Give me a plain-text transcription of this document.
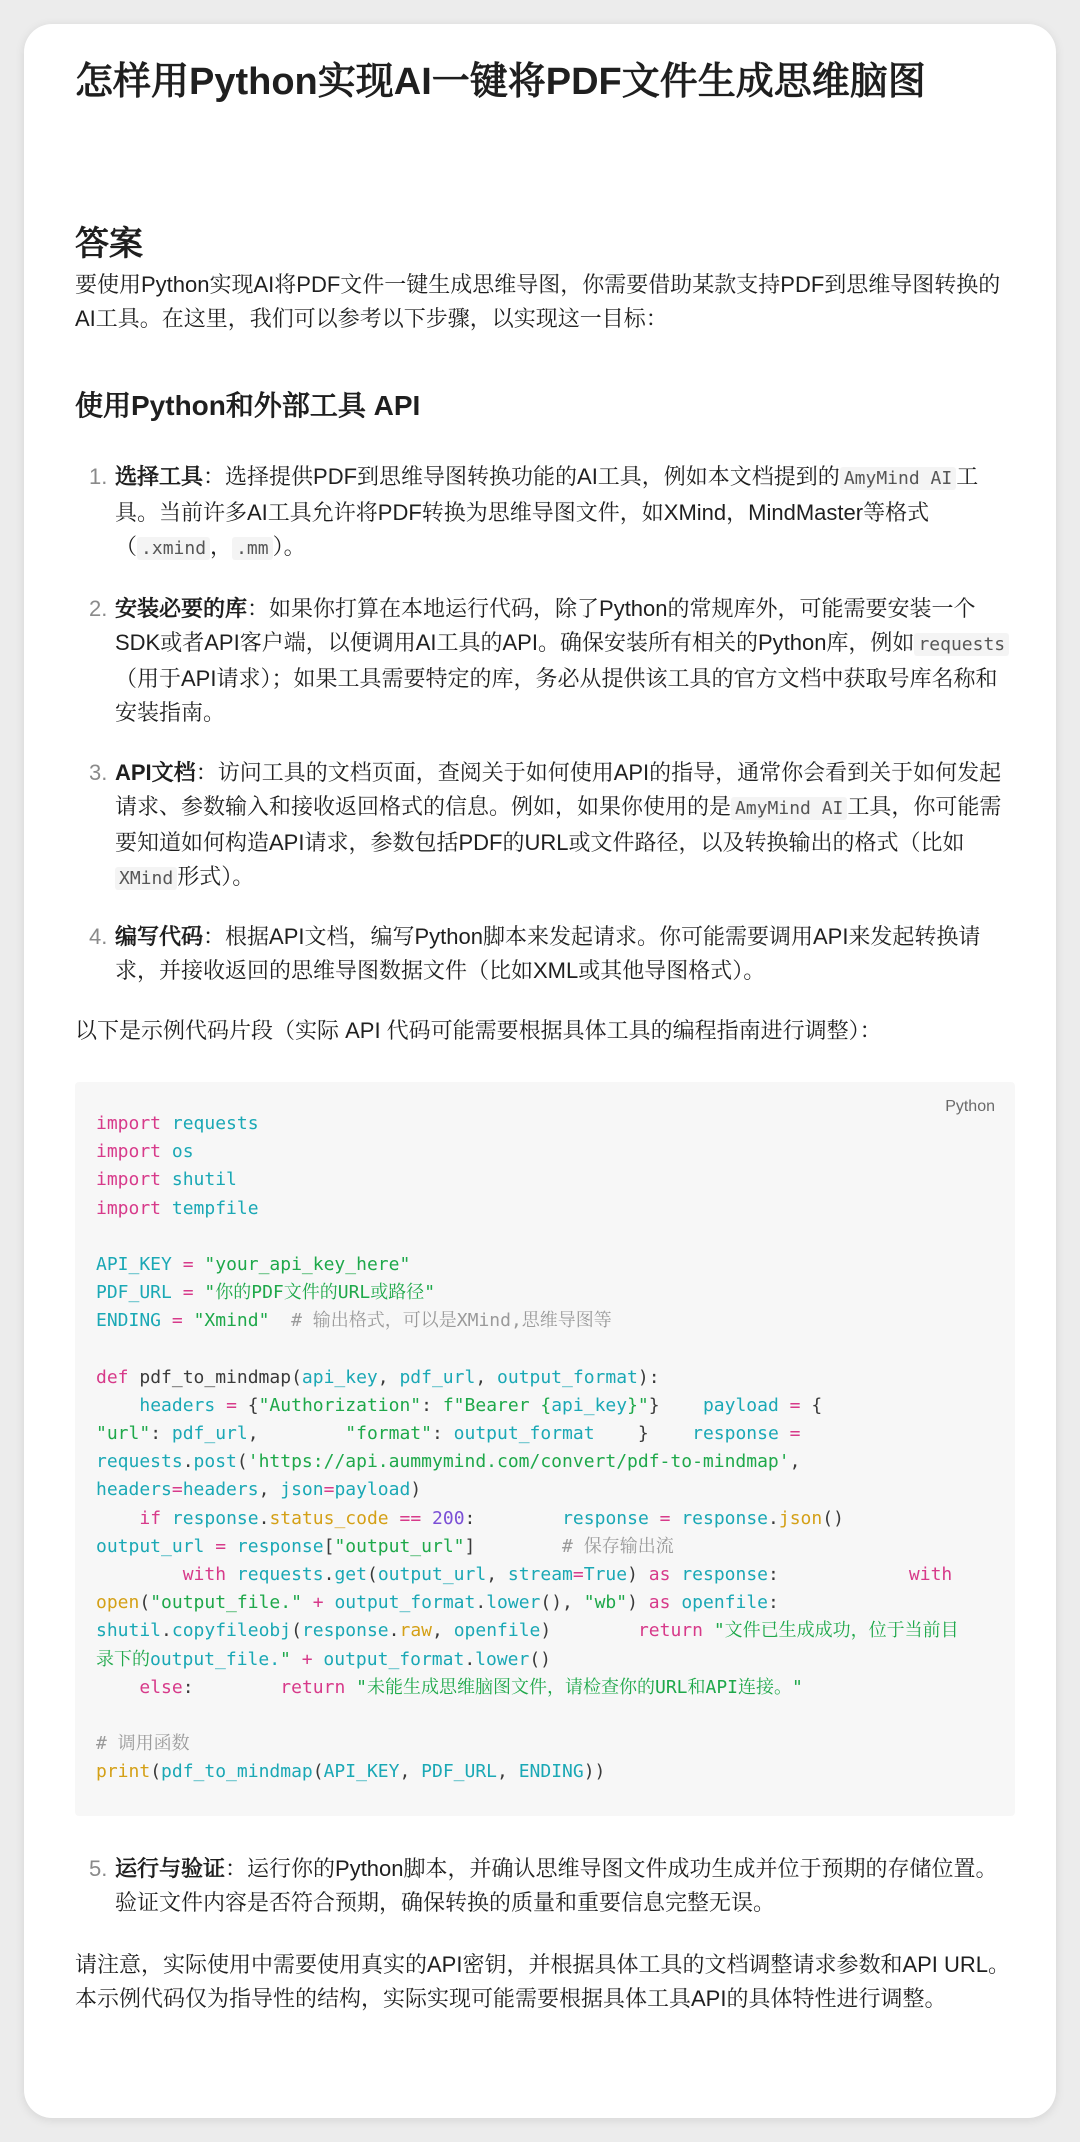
怎样用Python实现AI一键将PDF文件生成思维脑图
答案

要使用Python实现AI将PDF文件一键生成思维导图，你需要借助某款支持PDF到思维导图转换的AI工具。在这里，我们可以参考以下步骤，以实现这一目标：

使用Python和外部工具 API
1. 选择工具：选择提供PDF到思维导图转换功能的AI工具，例如本文档提到的 AmyMind AI 工具。当前许多AI工具允许将PDF转换为思维导图文件，如XMind，MindMaster等格式（ .xmind ， .mm ）。
2. 安装必要的库：如果你打算在本地运行代码，除了Python的常规库外，可能需要安装一个SDK或者API客户端，以便调用AI工具的API。确保安装所有相关的Python库，例如 requests（用于API请求）；如果工具需要特定的库，务必从提供该工具的官方文档中获取号库名称和安装指南。
3. API文档：访问工具的文档页面，查阅关于如何使用API的指导，通常你会看到关于如何发起请求、参数输入和接收返回格式的信息。例如，如果你使用的是 AmyMind AI 工具，你可能需要知道如何构造API请求，参数包括PDF的URL或文件路径，以及转换输出的格式（比如XMind 形式）。
4. 编写代码：根据API文档，编写Python脚本来发起请求。你可能需要调用API来发起转换请求，并接收返回的思维导图数据文件（比如XML或其他导图格式）。

以下是示例代码片段（实际 API 代码可能需要根据具体工具的编程指南进行调整）：

Python
import requests
import os
import shutil
import tempfile

API_KEY = "your_api_key_here"
PDF_URL = "你的PDF文件的URL或路径"
ENDING = "Xmind" # 输出格式，可以是XMind,思维导图等

def pdf_to_mindmap(api_key, pdf_url, output_format):
headers = {"Authorization": f"Bearer {api_key}"}    payload = {
"url": pdf_url,        "format": output_format    }    response =
requests.post('https://api.aummymind.com/convert/pdf-to-mindmap',
headers=headers, json=payload)
if response.status_code == 200:        response = response.json()
output_url = response["output_url"]        # 保存输出流
with requests.get(output_url, stream=True) as response:            with
open("output_file." + output_format.lower(), "wb") as openfile:
shutil.copyfileobj(response.raw, openfile)        return "文件已生成成功，位于当前目
录下的output_file." + output_format.lower()
else:        return "未能生成思维脑图文件，请检查你的URL和API连接。"

# 调用函数
print(pdf_to_mindmap(API_KEY, PDF_URL, ENDING))
5. 运行与验证：运行你的Python脚本，并确认思维导图文件成功生成并位于预期的存储位置。验证文件内容是否符合预期，确保转换的质量和重要信息完整无误。

请注意，实际使用中需要使用真实的API密钥，并根据具体工具的文档调整请求参数和API URL。本示例代码仅为指导性的结构，实际实现可能需要根据具体工具API的具体特性进行调整。
